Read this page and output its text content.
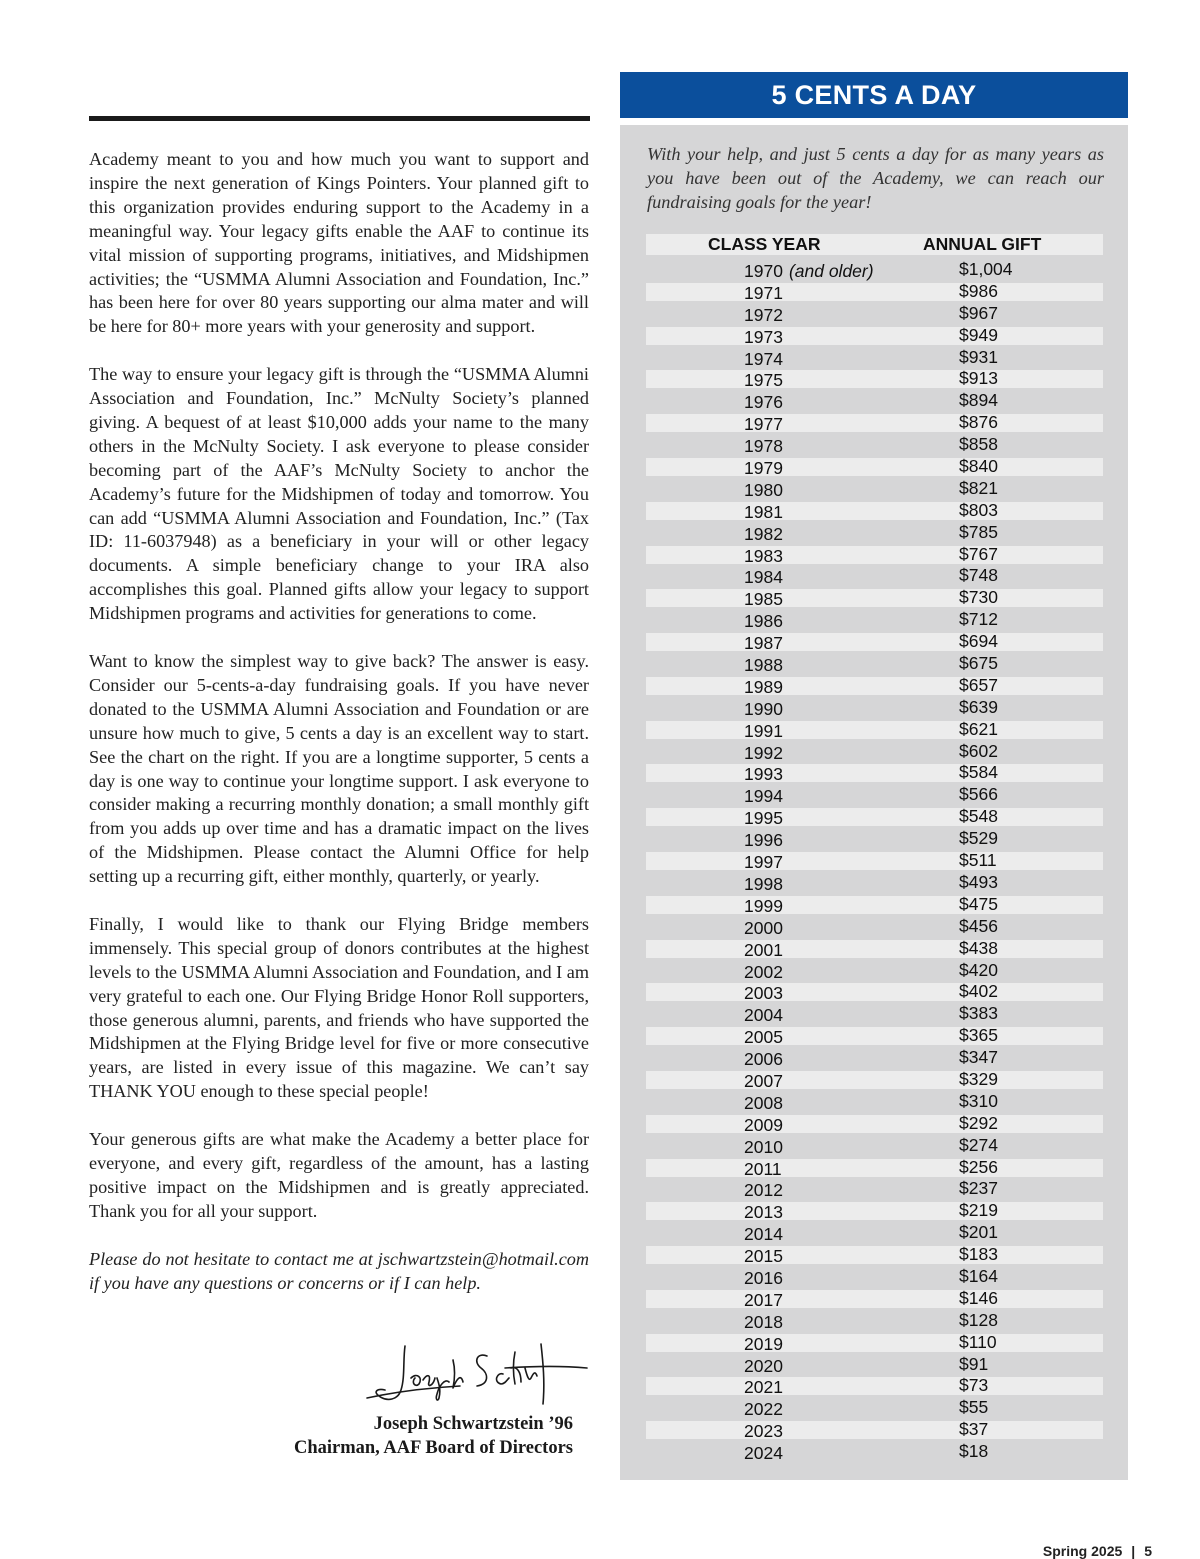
Academy meant to you and how much you want to support and inspire the next generation of Kings Pointers. Your planned gift to this organization provides enduring support to the Academy in a meaningful way. Your legacy gifts enable the AAF to continue its vital mission of supporting programs, initiatives, and Midshipmen activities; the “USMMA Alumni Association and Foundation, Inc.” has been here for over 80 years supporting our alma mater and will be here for 80+ more years with your generosity and support.

The way to ensure your legacy gift is through the “USMMA Alumni Association and Foundation, Inc.” McNulty Society’s planned giving. A bequest of at least $10,000 adds your name to the many others in the McNulty Society. I ask everyone to please consider becoming part of the AAF’s McNulty Society to anchor the Academy’s future for the Midshipmen of today and tomorrow. You can add “USMMA Alumni Association and Foundation, Inc.” (Tax ID: 11-6037948) as a beneficiary in your will or other legacy documents. A simple beneficiary change to your IRA also accomplishes this goal. Planned gifts allow your legacy to support Midshipmen programs and activities for generations to come.

Want to know the simplest way to give back? The answer is easy. Consider our 5-cents-a-day fundraising goals. If you have never donated to the USMMA Alumni Association and Foundation or are unsure how much to give, 5 cents a day is an excellent way to start. See the chart on the right. If you are a longtime supporter, 5 cents a day is one way to continue your longtime support. I ask everyone to consider making a recurring monthly donation; a small monthly gift from you adds up over time and has a dramatic impact on the lives of the Midshipmen. Please contact the Alumni Office for help setting up a recurring gift, either monthly, quarterly, or yearly.

Finally, I would like to thank our Flying Bridge members immensely. This special group of donors contributes at the highest levels to the USMMA Alumni Association and Foundation, and I am very grateful to each one. Our Flying Bridge Honor Roll supporters, those generous alumni, parents, and friends who have supported the Midshipmen at the Flying Bridge level for five or more consecutive years, are listed in every issue of this magazine. We can’t say THANK YOU enough to these special people!

Your generous gifts are what make the Academy a better place for everyone, and every gift, regardless of the amount, has a lasting positive impact on the Midshipmen and is greatly appreciated. Thank you for all your support.

Please do not hesitate to contact me at jschwartzstein@hotmail.com if you have any questions or concerns or if I can help.

Joseph Schwartzstein ’96
Chairman, AAF Board of Directors
5 CENTS A DAY
With your help, and just 5 cents a day for as many years as you have been out of the Academy, we can reach our fundraising goals for the year!
CLASS YEAR	ANNUAL GIFT
1970 (and older)	$1,004
1971	$986
1972	$967
1973	$949
1974	$931
1975	$913
1976	$894
1977	$876
1978	$858
1979	$840
1980	$821
1981	$803
1982	$785
1983	$767
1984	$748
1985	$730
1986	$712
1987	$694
1988	$675
1989	$657
1990	$639
1991	$621
1992	$602
1993	$584
1994	$566
1995	$548
1996	$529
1997	$511
1998	$493
1999	$475
2000	$456
2001	$438
2002	$420
2003	$402
2004	$383
2005	$365
2006	$347
2007	$329
2008	$310
2009	$292
2010	$274
2011	$256
2012	$237
2013	$219
2014	$201
2015	$183
2016	$164
2017	$146
2018	$128
2019	$110
2020	$91
2021	$73
2022	$55
2023	$37
2024	$18
Spring 2025 | 5
